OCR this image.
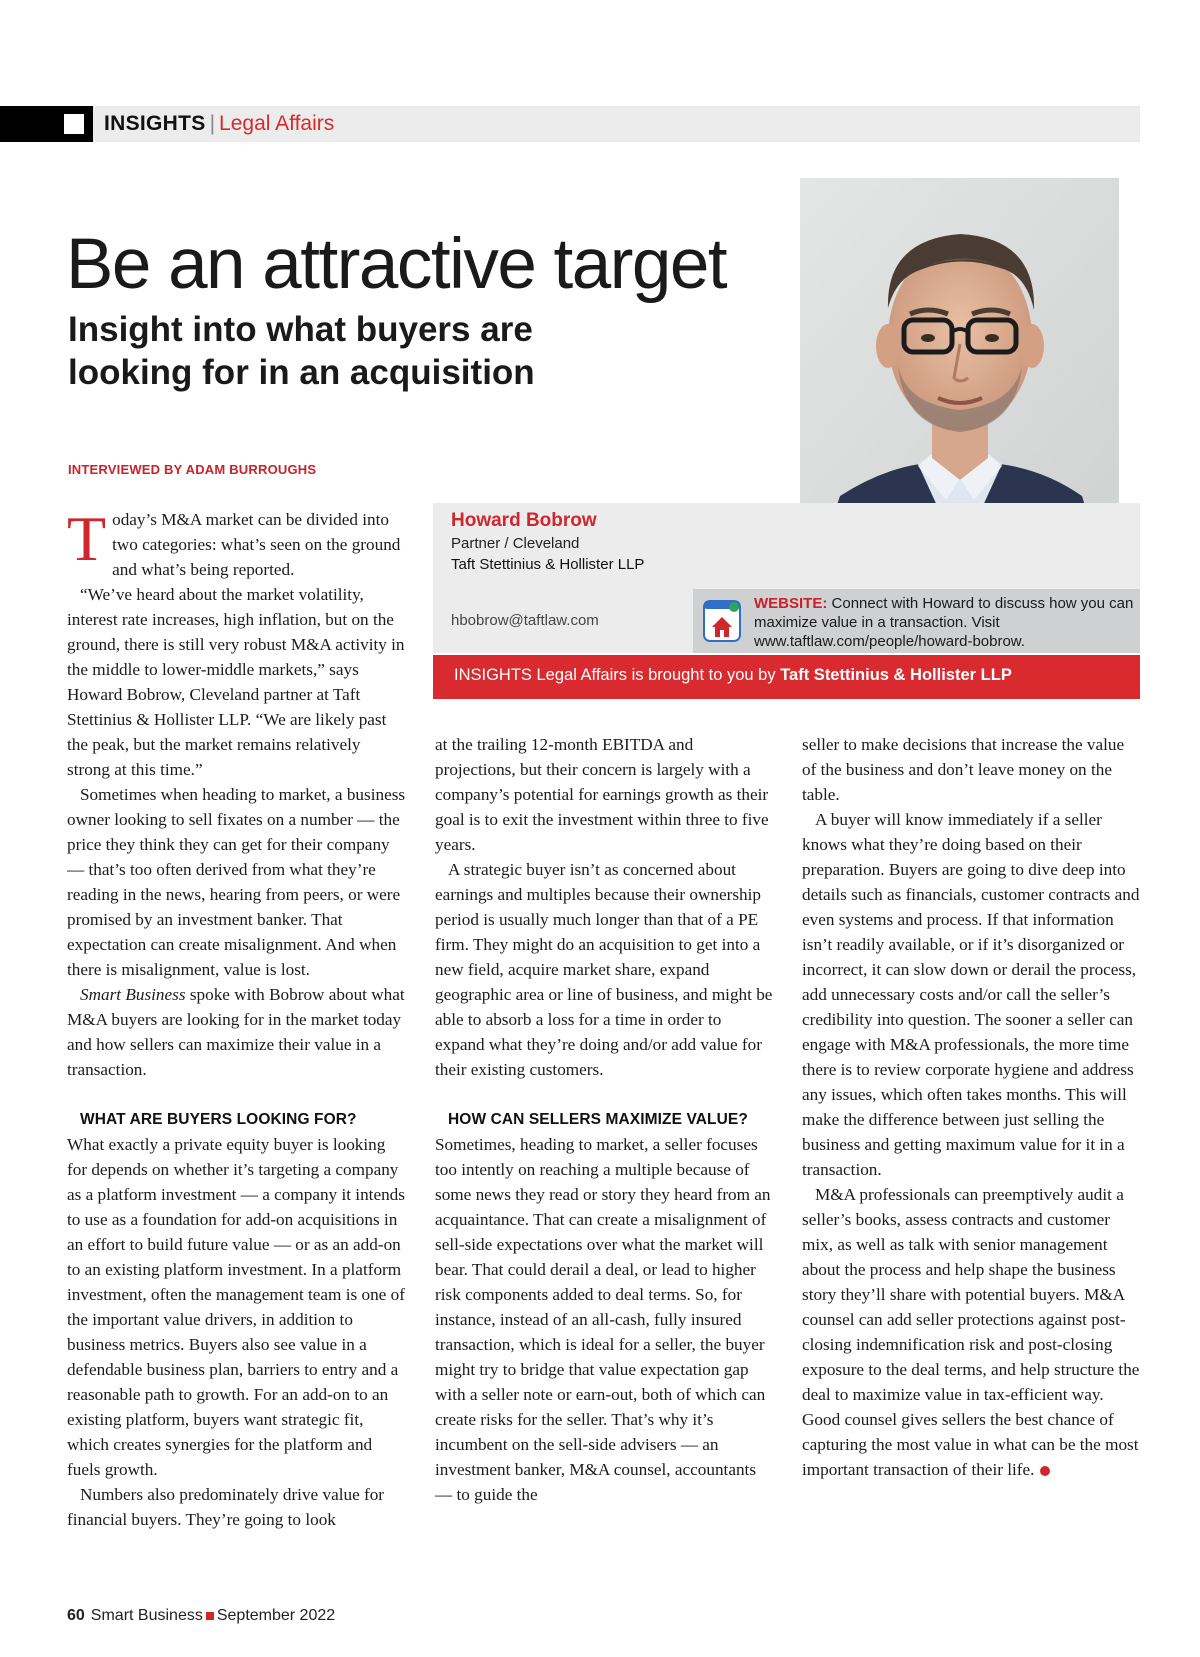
INSIGHTS | Legal Affairs
Be an attractive target
Insight into what buyers are looking for in an acquisition
INTERVIEWED BY ADAM BURROUGHS
Howard Bobrow
Partner / Cleveland
Taft Stettinius & Hollister LLP
hbobrow@taftlaw.com
WEBSITE: Connect with Howard to discuss how you can maximize value in a transaction. Visit www.taftlaw.com/people/howard-bobrow.
INSIGHTS Legal Affairs is brought to you by Taft Stettinius & Hollister LLP

Today’s M&A market can be divided into two categories: what’s seen on the ground and what’s being reported.

“We’ve heard about the market volatility, interest rate increases, high inflation, but on the ground, there is still very robust M&A activity in the middle to lower-middle markets,” says Howard Bobrow, Cleveland partner at Taft Stettinius & Hollister LLP. “We are likely past the peak, but the market remains relatively strong at this time.”

Sometimes when heading to market, a business owner looking to sell fixates on a number — the price they think they can get for their company — that’s too often derived from what they’re reading in the news, hearing from peers, or were promised by an investment banker. That expectation can create misalignment. And when there is misalignment, value is lost.

Smart Business spoke with Bobrow about what M&A buyers are looking for in the market today and how sellers can maximize their value in a transaction.

WHAT ARE BUYERS LOOKING FOR?

What exactly a private equity buyer is looking for depends on whether it’s targeting a company as a platform investment — a company it intends to use as a foundation for add-on acquisitions in an effort to build future value — or as an add-on to an existing platform investment. In a platform investment, often the management team is one of the important value drivers, in addition to business metrics. Buyers also see value in a defendable business plan, barriers to entry and a reasonable path to growth. For an add-on to an existing platform, buyers want strategic fit, which creates synergies for the platform and fuels growth.

Numbers also predominately drive value for financial buyers. They’re going to look

at the trailing 12-month EBITDA and projections, but their concern is largely with a company’s potential for earnings growth as their goal is to exit the investment within three to five years.

A strategic buyer isn’t as concerned about earnings and multiples because their ownership period is usually much longer than that of a PE firm. They might do an acquisition to get into a new field, acquire market share, expand geographic area or line of business, and might be able to absorb a loss for a time in order to expand what they’re doing and/or add value for their existing customers.

HOW CAN SELLERS MAXIMIZE VALUE?

Sometimes, heading to market, a seller focuses too intently on reaching a multiple because of some news they read or story they heard from an acquaintance. That can create a misalignment of sell-side expectations over what the market will bear. That could derail a deal, or lead to higher risk components added to deal terms. So, for instance, instead of an all-cash, fully insured transaction, which is ideal for a seller, the buyer might try to bridge that value expectation gap with a seller note or earn-out, both of which can create risks for the seller. That’s why it’s incumbent on the sell-side advisers — an investment banker, M&A counsel, accountants — to guide the

seller to make decisions that increase the value of the business and don’t leave money on the table.

A buyer will know immediately if a seller knows what they’re doing based on their preparation. Buyers are going to dive deep into details such as financials, customer contracts and even systems and process. If that information isn’t readily available, or if it’s disorganized or incorrect, it can slow down or derail the process, add unnecessary costs and/or call the seller’s credibility into question. The sooner a seller can engage with M&A professionals, the more time there is to review corporate hygiene and address any issues, which often takes months. This will make the difference between just selling the business and getting maximum value for it in a transaction.

M&A professionals can preemptively audit a seller’s books, assess contracts and customer mix, as well as talk with senior management about the process and help shape the business story they’ll share with potential buyers. M&A counsel can add seller protections against post-closing indemnification risk and post-closing exposure to the deal terms, and help structure the deal to maximize value in tax-efficient way. Good counsel gives sellers the best chance of capturing the most value in what can be the most important transaction of their life.

60 Smart Business September 2022
